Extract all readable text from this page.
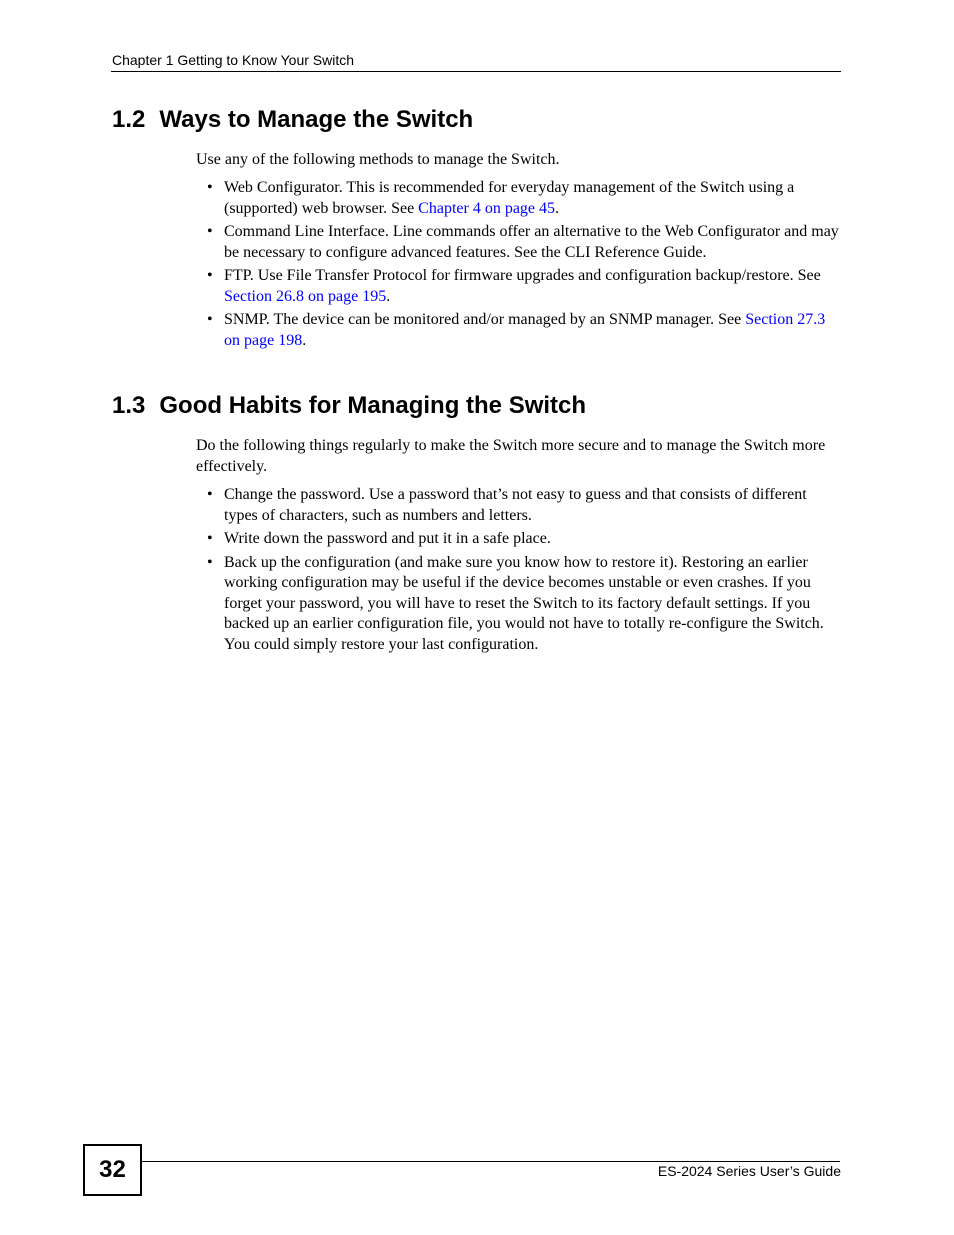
Chapter 1 Getting to Know Your Switch
1.2 Ways to Manage the Switch

Use any of the following methods to manage the Switch.

• Web Configurator. This is recommended for everyday management of the Switch using a (supported) web browser. See Chapter 4 on page 45.
• Command Line Interface. Line commands offer an alternative to the Web Configurator and may be necessary to configure advanced features. See the CLI Reference Guide.
• FTP. Use File Transfer Protocol for firmware upgrades and configuration backup/restore. See Section 26.8 on page 195.
• SNMP. The device can be monitored and/or managed by an SNMP manager. See Section 27.3 on page 198.
1.3 Good Habits for Managing the Switch

Do the following things regularly to make the Switch more secure and to manage the Switch more effectively.

• Change the password. Use a password that’s not easy to guess and that consists of different types of characters, such as numbers and letters.
• Write down the password and put it in a safe place.
• Back up the configuration (and make sure you know how to restore it). Restoring an earlier working configuration may be useful if the device becomes unstable or even crashes. If you forget your password, you will have to reset the Switch to its factory default settings. If you backed up an earlier configuration file, you would not have to totally re-configure the Switch. You could simply restore your last configuration.
32	ES-2024 Series User’s Guide
